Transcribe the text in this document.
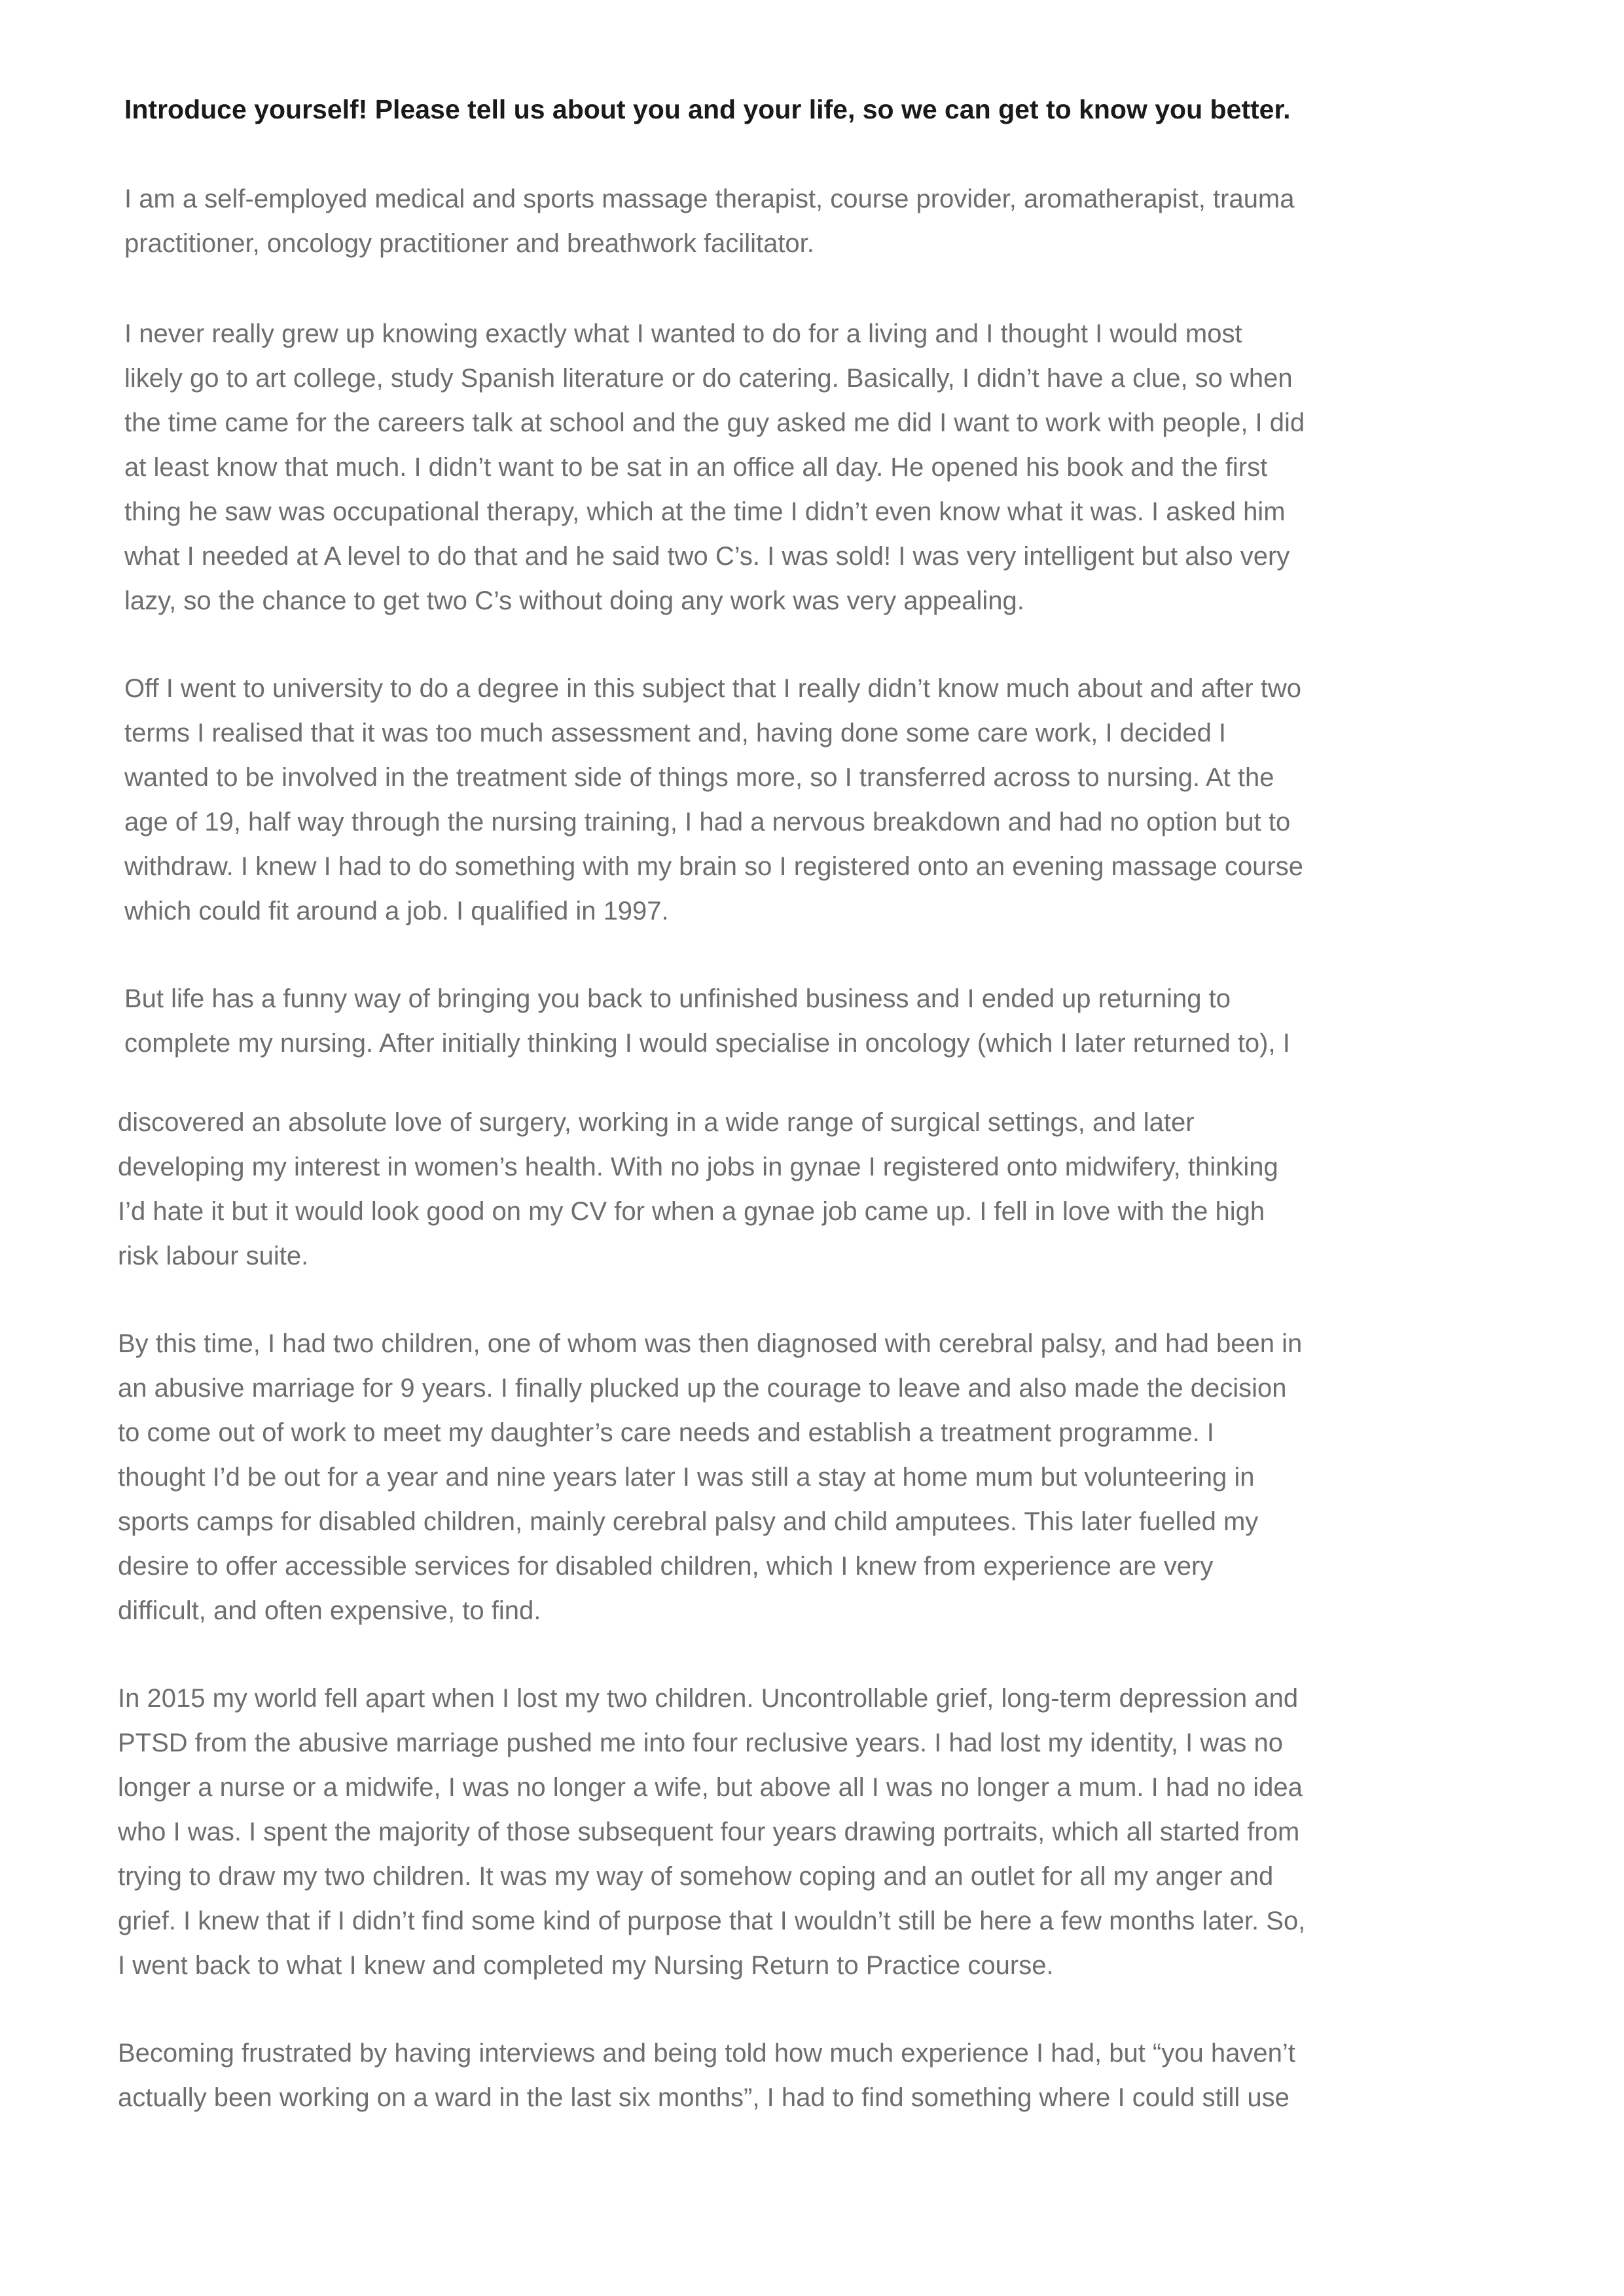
Introduce yourself! Please tell us about you and your life, so we can get to know you better.

I am a self-employed medical and sports massage therapist, course provider, aromatherapist, trauma
practitioner, oncology practitioner and breathwork facilitator.

I never really grew up knowing exactly what I wanted to do for a living and I thought I would most
likely go to art college, study Spanish literature or do catering. Basically, I didn’t have a clue, so when
the time came for the careers talk at school and the guy asked me did I want to work with people, I did
at least know that much. I didn’t want to be sat in an office all day. He opened his book and the first
thing he saw was occupational therapy, which at the time I didn’t even know what it was. I asked him
what I needed at A level to do that and he said two C’s. I was sold! I was very intelligent but also very
lazy, so the chance to get two C’s without doing any work was very appealing.

Off I went to university to do a degree in this subject that I really didn’t know much about and after two
terms I realised that it was too much assessment and, having done some care work, I decided I
wanted to be involved in the treatment side of things more, so I transferred across to nursing. At the
age of 19, half way through the nursing training, I had a nervous breakdown and had no option but to
withdraw. I knew I had to do something with my brain so I registered onto an evening massage course
which could fit around a job. I qualified in 1997.

But life has a funny way of bringing you back to unfinished business and I ended up returning to
complete my nursing. After initially thinking I would specialise in oncology (which I later returned to), I

discovered an absolute love of surgery, working in a wide range of surgical settings, and later
developing my interest in women’s health. With no jobs in gynae I registered onto midwifery, thinking
I’d hate it but it would look good on my CV for when a gynae job came up. I fell in love with the high
risk labour suite.

By this time, I had two children, one of whom was then diagnosed with cerebral palsy, and had been in
an abusive marriage for 9 years. I finally plucked up the courage to leave and also made the decision
to come out of work to meet my daughter’s care needs and establish a treatment programme. I
thought I’d be out for a year and nine years later I was still a stay at home mum but volunteering in
sports camps for disabled children, mainly cerebral palsy and child amputees. This later fuelled my
desire to offer accessible services for disabled children, which I knew from experience are very
difficult, and often expensive, to find.

In 2015 my world fell apart when I lost my two children. Uncontrollable grief, long-term depression and
PTSD from the abusive marriage pushed me into four reclusive years. I had lost my identity, I was no
longer a nurse or a midwife, I was no longer a wife, but above all I was no longer a mum. I had no idea
who I was. I spent the majority of those subsequent four years drawing portraits, which all started from
trying to draw my two children. It was my way of somehow coping and an outlet for all my anger and
grief. I knew that if I didn’t find some kind of purpose that I wouldn’t still be here a few months later. So,
I went back to what I knew and completed my Nursing Return to Practice course.

Becoming frustrated by having interviews and being told how much experience I had, but “you haven’t
actually been working on a ward in the last six months”, I had to find something where I could still use
